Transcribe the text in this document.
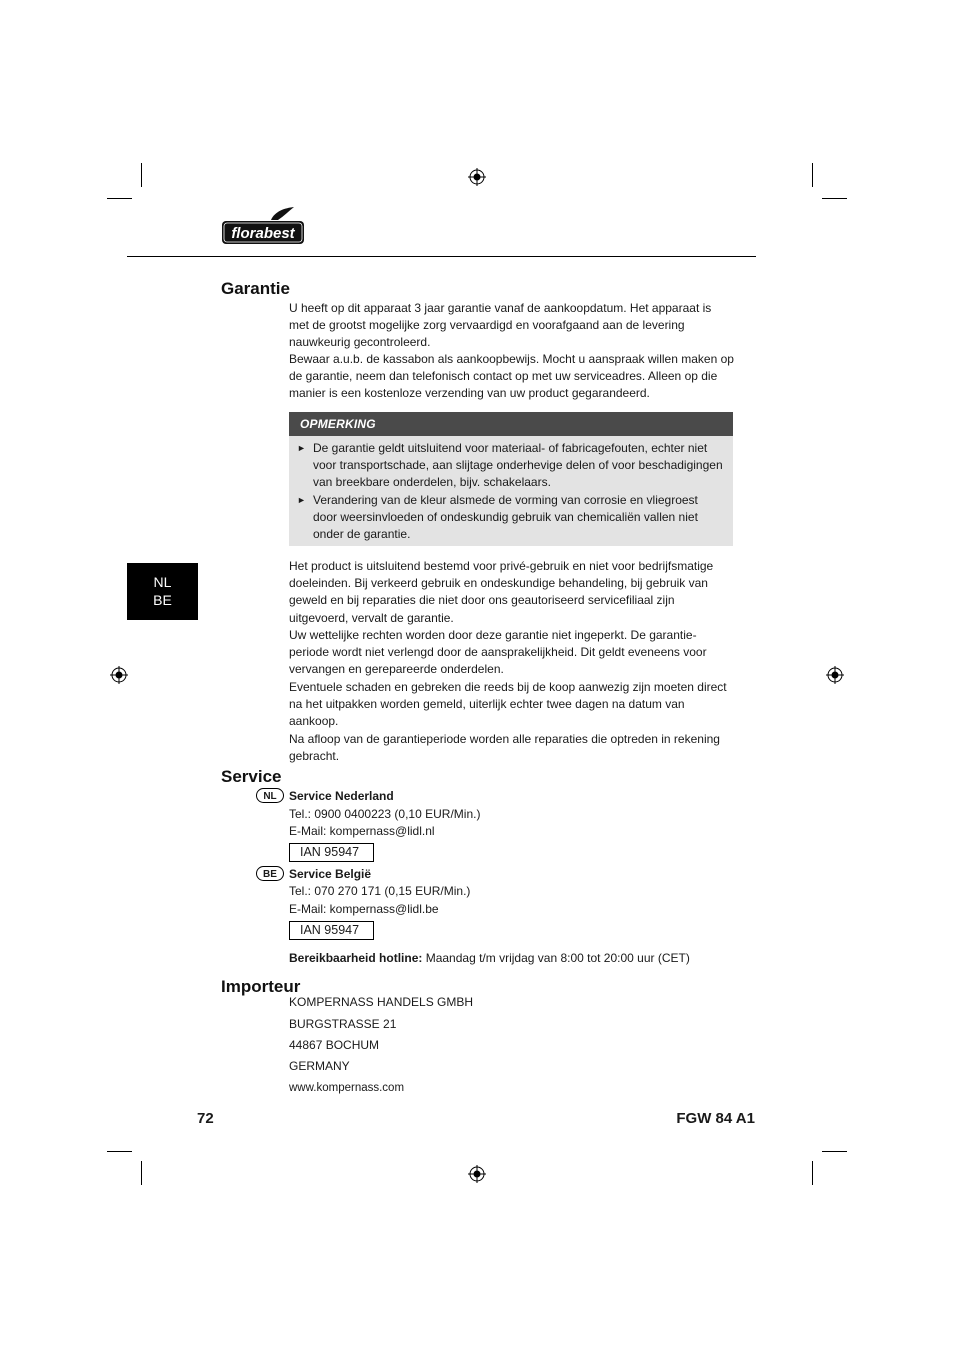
florabest
NL
BE
Garantie

U heeft op dit apparaat 3 jaar garantie vanaf de aankoopdatum. Het apparaat is met de grootst mogelijke zorg vervaardigd en voorafgaand aan de levering nauwkeurig gecontroleerd.

Bewaar a.u.b. de kassabon als aankoopbewijs. Mocht u aanspraak willen maken op de garantie, neem dan telefonisch contact op met uw serviceadres. Alleen op die manier is een kostenloze verzending van uw product gegarandeerd.

OPMERKING
► De garantie geldt uitsluitend voor materiaal- of fabricagefouten, echter niet voor transportschade, aan slijtage onderhevige delen of voor beschadigingen van breekbare onderdelen, bijv. schakelaars.
► Verandering van de kleur alsmede de vorming van corrosie en vliegroest door weersinvloeden of ondeskundig gebruik van chemicaliën vallen niet onder de garantie.

Het product is uitsluitend bestemd voor privé-gebruik en niet voor bedrijfsmatige doeleinden. Bij verkeerd gebruik en ondeskundige behandeling, bij gebruik van geweld en bij reparaties die niet door ons geautoriseerd servicefiliaal zijn uitgevoerd, vervalt de garantie.

Uw wettelijke rechten worden door deze garantie niet ingeperkt. De garantie-periode wordt niet verlengd door de aansprakelijkheid. Dit geldt eveneens voor vervangen en gerepareerde onderdelen.

Eventuele schaden en gebreken die reeds bij de koop aanwezig zijn moeten direct na het uitpakken worden gemeld, uiterlijk echter twee dagen na datum van aankoop.

Na afloop van de garantieperiode worden alle reparaties die optreden in rekening gebracht.

Service
NL	Service Nederland
Tel.: 0900 0400223 (0,10 EUR/Min.)
E-Mail: kompernass@lidl.nl
IAN 95947
BE	Service België
Tel.: 070 270 171 (0,15 EUR/Min.)
E-Mail: kompernass@lidl.be
IAN 95947
Bereikbaarheid hotline: Maandag t/m vrijdag van 8:00 tot 20:00 uur (CET)
Importeur
KOMPERNASS HANDELS GMBH
BURGSTRASSE 21
44867 BOCHUM
GERMANY
www.kompernass.com
72	FGW 84 A1
